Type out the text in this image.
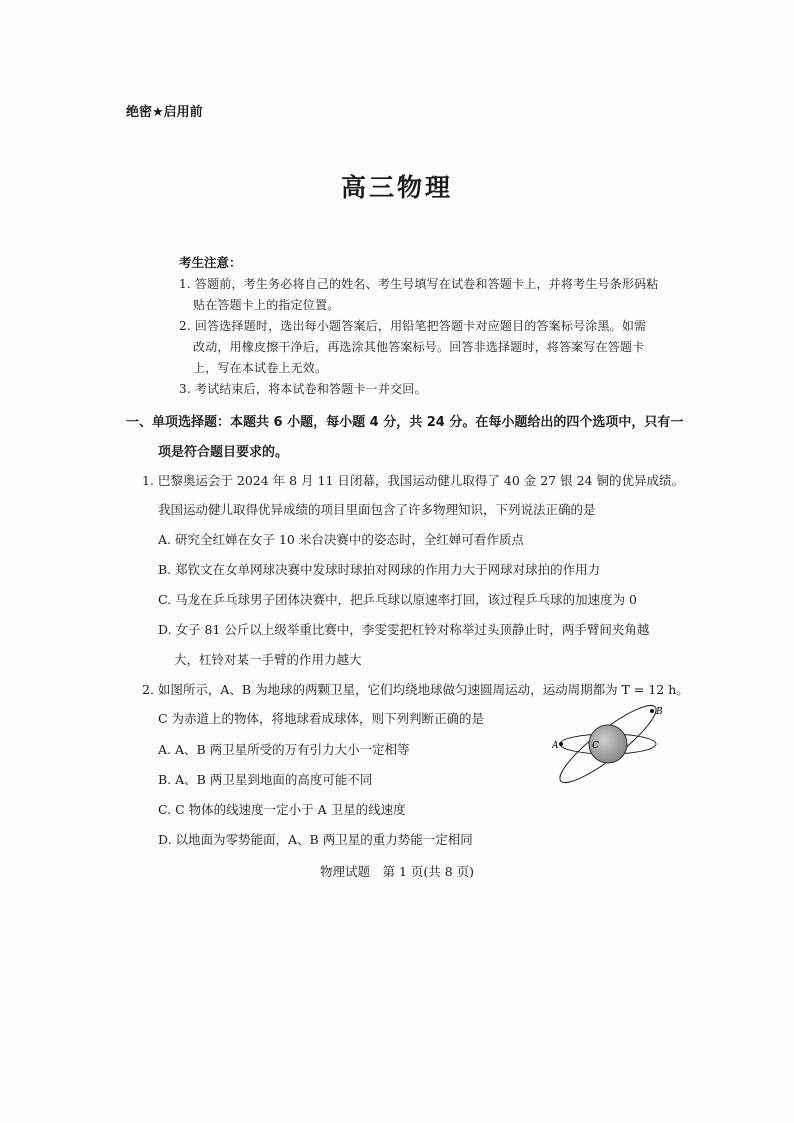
绝密★启用前
高三物理
考生注意：
1. 答题前，考生务必将自己的姓名、考生号填写在试卷和答题卡上，并将考生号条形码粘
贴在答题卡上的指定位置。
2. 回答选择题时，选出每小题答案后，用铅笔把答题卡对应题目的答案标号涂黑。如需
改动，用橡皮擦干净后，再选涂其他答案标号。回答非选择题时，将答案写在答题卡
上，写在本试卷上无效。
3. 考试结束后，将本试卷和答题卡一并交回。
一、单项选择题：本题共 6 小题，每小题 4 分，共 24 分。在每小题给出的四个选项中，只有一
项是符合题目要求的。
1. 巴黎奥运会于 2024 年 8 月 11 日闭幕，我国运动健儿取得了 40 金 27 银 24 铜的优异成绩。
我国运动健儿取得优异成绩的项目里面包含了许多物理知识，下列说法正确的是
A. 研究全红婵在女子 10 米台决赛中的姿态时，全红婵可看作质点
B. 郑钦文在女单网球决赛中发球时球拍对网球的作用力大于网球对球拍的作用力
C. 马龙在乒乓球男子团体决赛中，把乒乓球以原速率打回，该过程乒乓球的加速度为 0
D. 女子 81 公斤以上级举重比赛中，李雯雯把杠铃对称举过头顶静止时，两手臂间夹角越
大，杠铃对某一手臂的作用力越大
2. 如图所示，A、B 为地球的两颗卫星，它们均绕地球做匀速圆周运动，运动周期都为 T = 12 h。
C 为赤道上的物体，将地球看成球体，则下列判断正确的是
A. A、B 两卫星所受的万有引力大小一定相等
B. A、B 两卫星到地面的高度可能不同
C. C 物体的线速度一定小于 A 卫星的线速度
D. 以地面为零势能面，A、B 两卫星的重力势能一定相同
A
B
C
物理试题　第 1 页(共 8 页)
